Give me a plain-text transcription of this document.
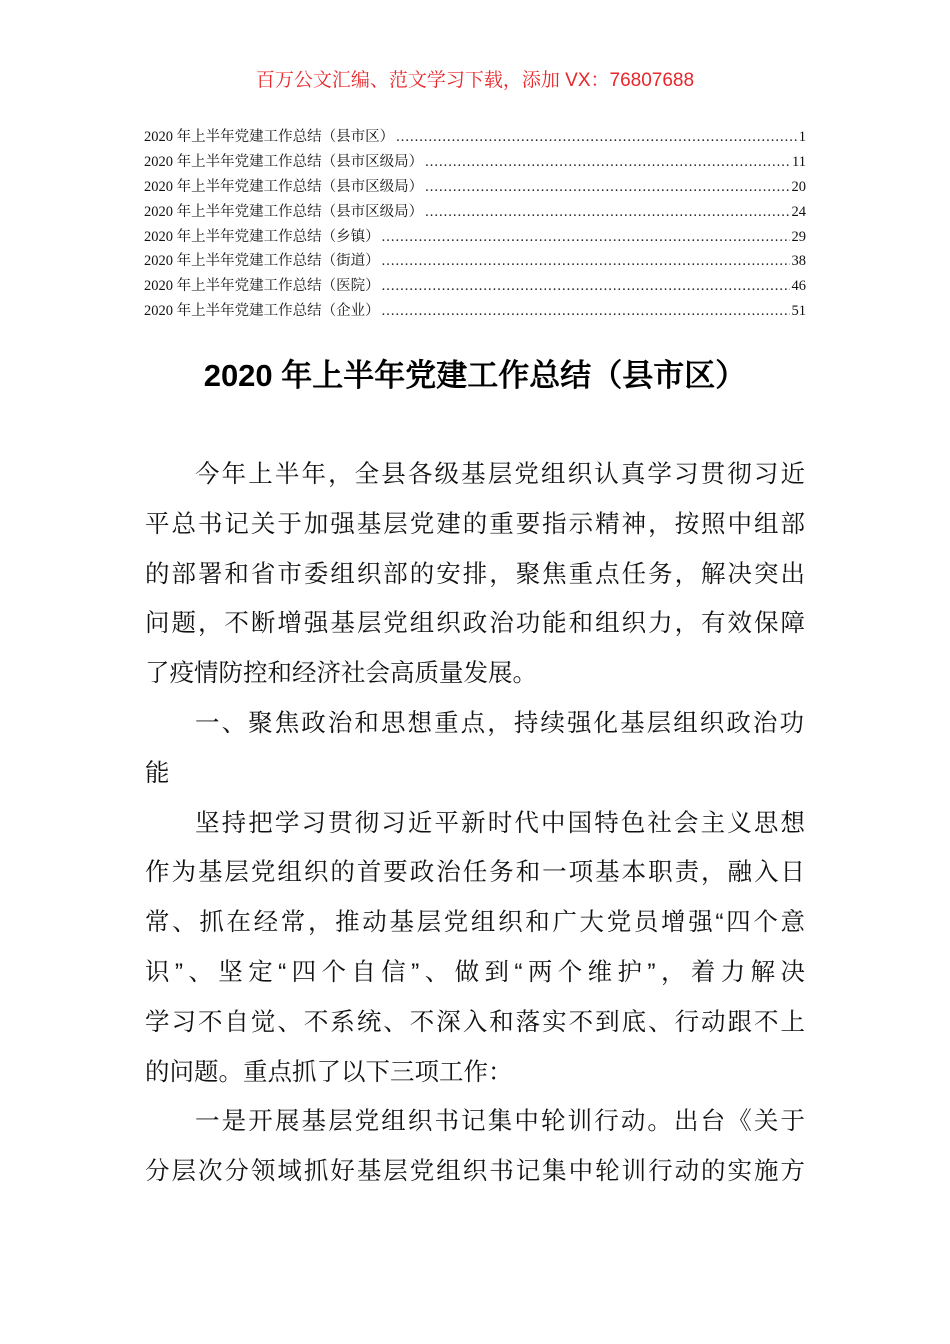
百万公文汇编、范文学习下载，添加 VX：76807688
2020 年上半年党建工作总结（县市区） .....	1
2020 年上半年党建工作总结（县市区级局） .....	11
2020 年上半年党建工作总结（县市区级局） .....	20
2020 年上半年党建工作总结（县市区级局） .....	24
2020 年上半年党建工作总结（乡镇） .....	29
2020 年上半年党建工作总结（街道） .....	38
2020 年上半年党建工作总结（医院） .....	46
2020 年上半年党建工作总结（企业） .....	51
2020 年上半年党建工作总结（县市区）
今年上半年，全县各级基层党组织认真学习贯彻习近
平总书记关于加强基层党建的重要指示精神，按照中组部
的部署和省市委组织部的安排，聚焦重点任务，解决突出
问题，不断增强基层党组织政治功能和组织力，有效保障
了疫情防控和经济社会高质量发展。
一、聚焦政治和思想重点，持续强化基层组织政治功
能
坚持把学习贯彻习近平新时代中国特色社会主义思想
作为基层党组织的首要政治任务和一项基本职责，融入日
常、抓在经常，推动基层党组织和广大党员增强“四个意
识”、坚定“四个自信”、做到“两个维护”，着力解决
学习不自觉、不系统、不深入和落实不到底、行动跟不上
的问题。重点抓了以下三项工作：
一是开展基层党组织书记集中轮训行动。出台《关于
分层次分领域抓好基层党组织书记集中轮训行动的实施方
